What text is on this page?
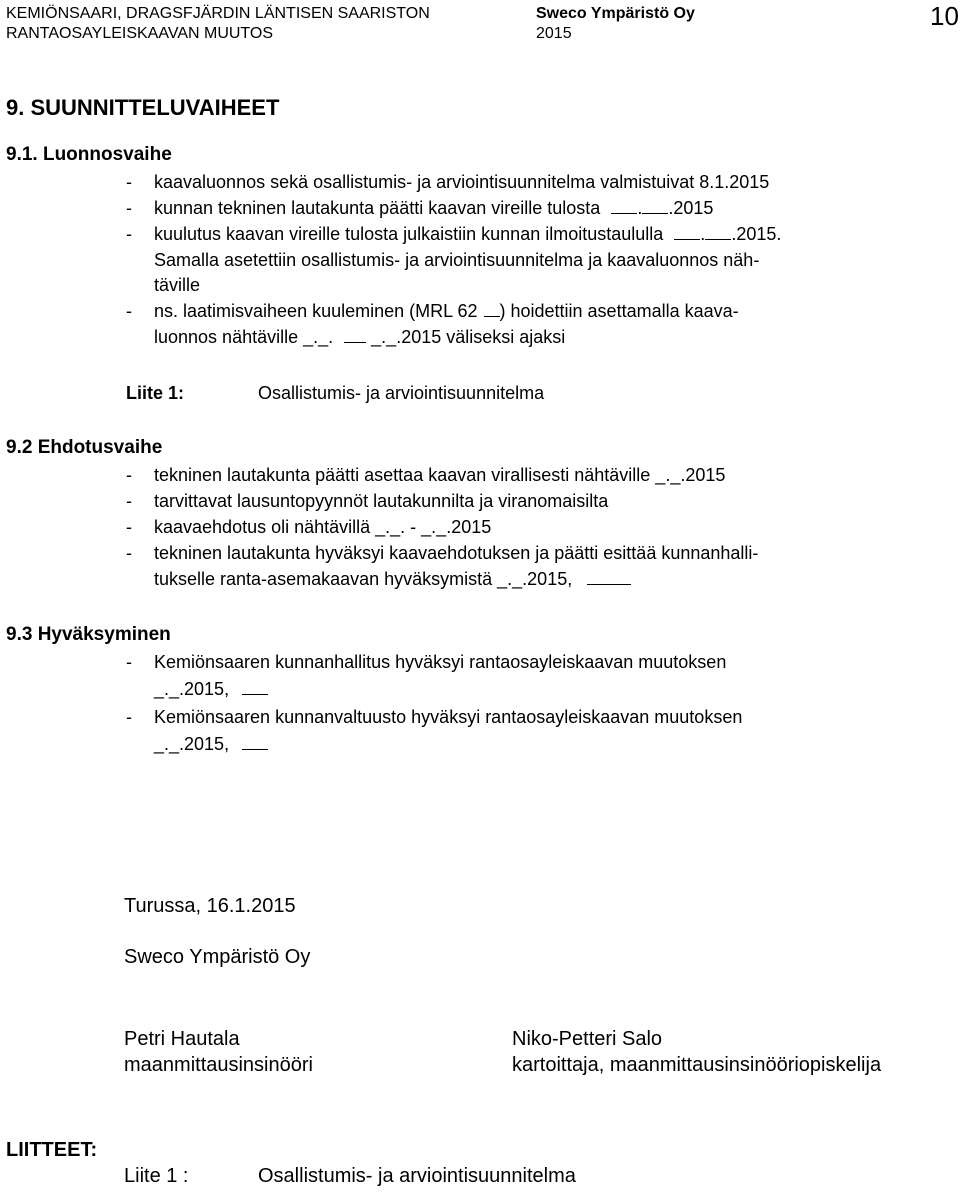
KEMIÖNSAARI, DRAGSFJÄRDIN LÄNTISEN SAARISTON
RANTAOSAYLEISKAAVAN MUUTOS
Sweco Ympäristö Oy
2015
10
9. SUUNNITTELUVAIHEET
9.1. Luonnosvaihe
- kaavaluonnos sekä osallistumis- ja arviointisuunnitelma valmistuivat 8.1.2015
- kunnan tekninen lautakunta päätti kaavan vireille tulosta . .2015
- kuulutus kaavan vireille tulosta julkaistiin kunnan ilmoitustaululla . .2015.
Samalla asetettiin osallistumis- ja arviointisuunnitelma ja kaavaluonnos näh-
täville
- ns. laatimisvaiheen kuuleminen (MRL 62 ) hoidettiin asettamalla kaava-
luonnos nähtäville _._. _._.2015 väliseksi ajaksi
Liite 1:	Osallistumis- ja arviointisuunnitelma
9.2 Ehdotusvaihe
- tekninen lautakunta päätti asettaa kaavan virallisesti nähtäville _._.2015
- tarvittavat lausuntopyynnöt lautakunnilta ja viranomaisilta
- kaavaehdotus oli nähtävillä _._. - _._.2015
- tekninen lautakunta hyväksyi kaavaehdotuksen ja päätti esittää kunnanhalli-
tukselle ranta-asemakaavan hyväksymistä _._.2015,
9.3 Hyväksyminen
- Kemiönsaaren kunnanhallitus hyväksyi rantaosayleiskaavan muutoksen
_._.2015,
- Kemiönsaaren kunnanvaltuusto hyväksyi rantaosayleiskaavan muutoksen
_._.2015,
Turussa, 16.1.2015
Sweco Ympäristö Oy
Petri Hautala
maanmittausinsinööri
Niko-Petteri Salo
kartoittaja, maanmittausinsinööriopiskelija
LIITTEET:
Liite 1 :	Osallistumis- ja arviointisuunnitelma
